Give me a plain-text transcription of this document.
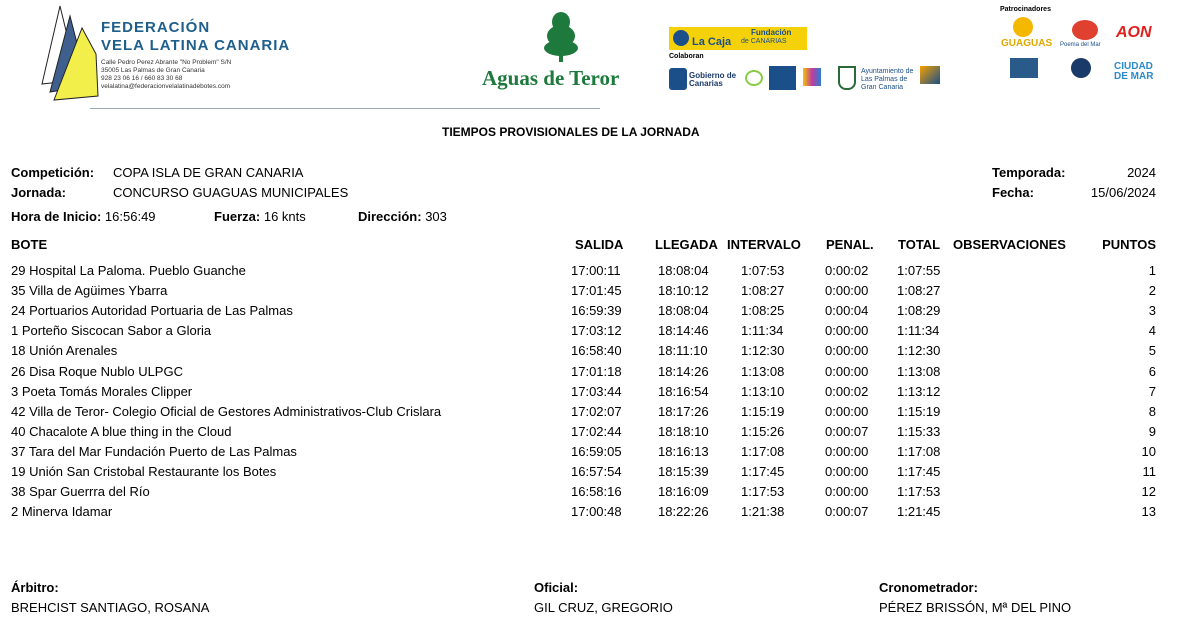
FEDERACIÓN
VELA LATINA CANARIA
Calle Pedro Perez Abrante "No Problem" S/N
35005 Las Palmas de Gran Canaria
928 23 06 16 / 660 83 30 68
velalatina@federacionvelalatinadebotes.com	Aguas de Teror
La Caja
Fundación
de CANARIAS
Colaboran
Gobierno de Canarias
Ayuntamiento de Las Palmas de Gran Canaria
CIUDAD DE MAR
Patrocinadores
GUAGUAS Poema del Mar
AON
TIEMPOS PROVISIONALES DE LA JORNADA
Competición: COPA ISLA DE GRAN CANARIA
Jornada:	CONCURSO GUAGUAS MUNICIPALES
Temporada:	2024
Fecha:	15/06/2024
Hora de Inicio: 16:56:49	Fuerza: 16 knts	Dirección: 303
BOTE	SALIDA LLEGADA INTERVALO PENAL. TOTAL OBSERVACIONES	PUNTOS
29 Hospital La Paloma. Pueblo Guanche	17:00:11	18:08:04 1:07:53	0:00:02 1:07:55	1
35 Villa de Agüimes Ybarra	17:01:45	18:10:12 1:08:27	0:00:00 1:08:27	2
24 Portuarios Autoridad Portuaria de Las Palmas	16:59:39	18:08:04 1:08:25	0:00:04 1:08:29	3
1 Porteño Siscocan Sabor a Gloria	17:03:12	18:14:46 1:11:34	0:00:00 1:11:34	4
18 Unión Arenales	16:58:40	18:11:10	1:12:30	0:00:00 1:12:30	5
26 Disa Roque Nublo ULPGC	17:01:18	18:14:26 1:13:08	0:00:00 1:13:08	6
3 Poeta Tomás Morales Clipper	17:03:44	18:16:54 1:13:10	0:00:02 1:13:12	7
42 Villa de Teror- Colegio Oficial de Gestores Administrativos-Club Crislara	17:02:07	18:17:26 1:15:19	0:00:00 1:15:19	8
40 Chacalote A blue thing in the Cloud	17:02:44	18:18:10 1:15:26	0:00:07 1:15:33	9
37 Tara del Mar Fundación Puerto de Las Palmas	16:59:05	18:16:13 1:17:08	0:00:00 1:17:08	10
19 Unión San Cristobal Restaurante los Botes	16:57:54	18:15:39 1:17:45	0:00:00 1:17:45	11
38 Spar Guerrra del Río	16:58:16	18:16:09 1:17:53	0:00:00 1:17:53	12
2 Minerva Idamar	17:00:48	18:22:26 1:21:38	0:00:07 1:21:45	13
Árbitro:
BREHCIST SANTIAGO, ROSANA
Oficial:
GIL CRUZ, GREGORIO
Cronometrador:
PÉREZ BRISSÓN, Mª DEL PINO
